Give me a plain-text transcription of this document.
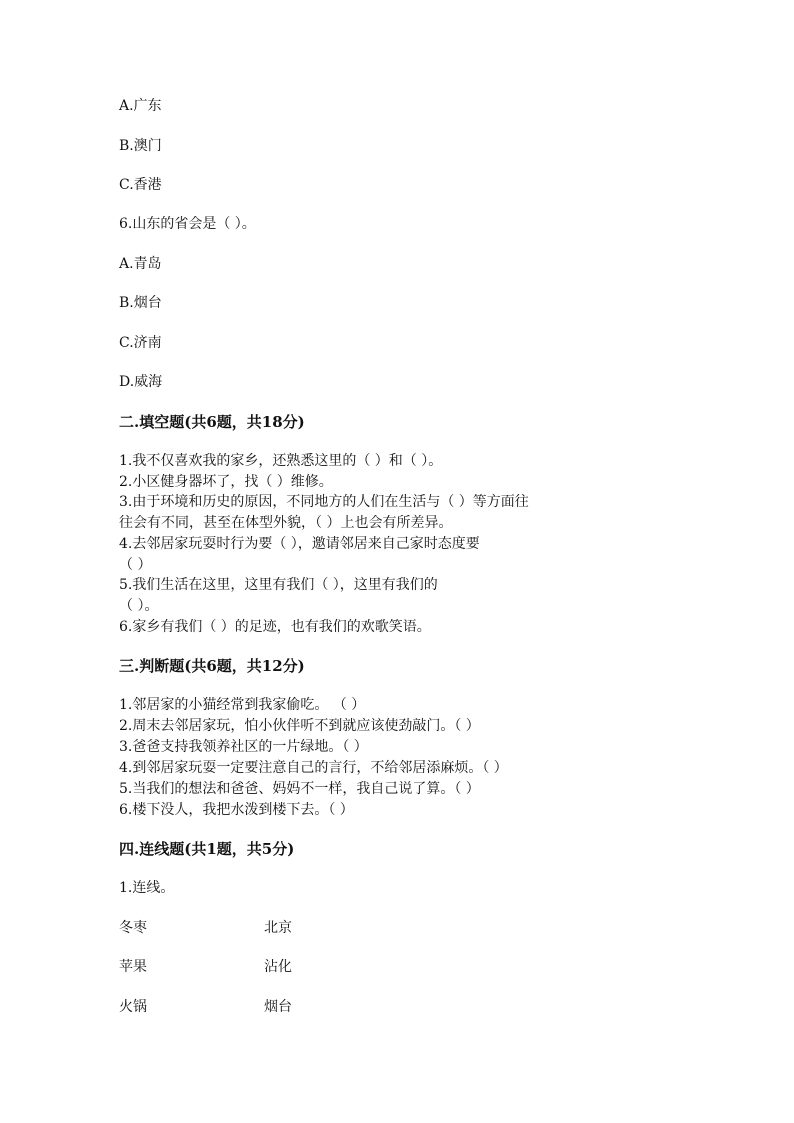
A.广东
B.澳门
C.香港
6.山东的省会是（ ）。
A.青岛
B.烟台
C.济南
D.威海
二.填空题(共6题，共18分)
1.我不仅喜欢我的家乡，还熟悉这里的（ ）和（ ）。
2.小区健身器坏了，找（ ）维修。
3.由于环境和历史的原因，不同地方的人们在生活与（ ）等方面往
往会有不同，甚至在体型外貌，（ ）上也会有所差异。
4.去邻居家玩耍时行为要（ ），邀请邻居来自己家时态度要
（ ）
5.我们生活在这里，这里有我们（ ），这里有我们的
（ ）。
6.家乡有我们（ ）的足迹，也有我们的欢歌笑语。
三.判断题(共6题，共12分)
1.邻居家的小猫经常到我家偷吃。 （ ）
2.周末去邻居家玩，怕小伙伴听不到就应该使劲敲门。（ ）
3.爸爸支持我领养社区的一片绿地。（ ）
4.到邻居家玩耍一定要注意自己的言行，不给邻居添麻烦。（ ）
5.当我们的想法和爸爸、妈妈不一样，我自己说了算。（ ）
6.楼下没人，我把水泼到楼下去。（ ）
四.连线题(共1题，共5分)
1.连线。
冬枣	北京
苹果	沾化
火锅	烟台
